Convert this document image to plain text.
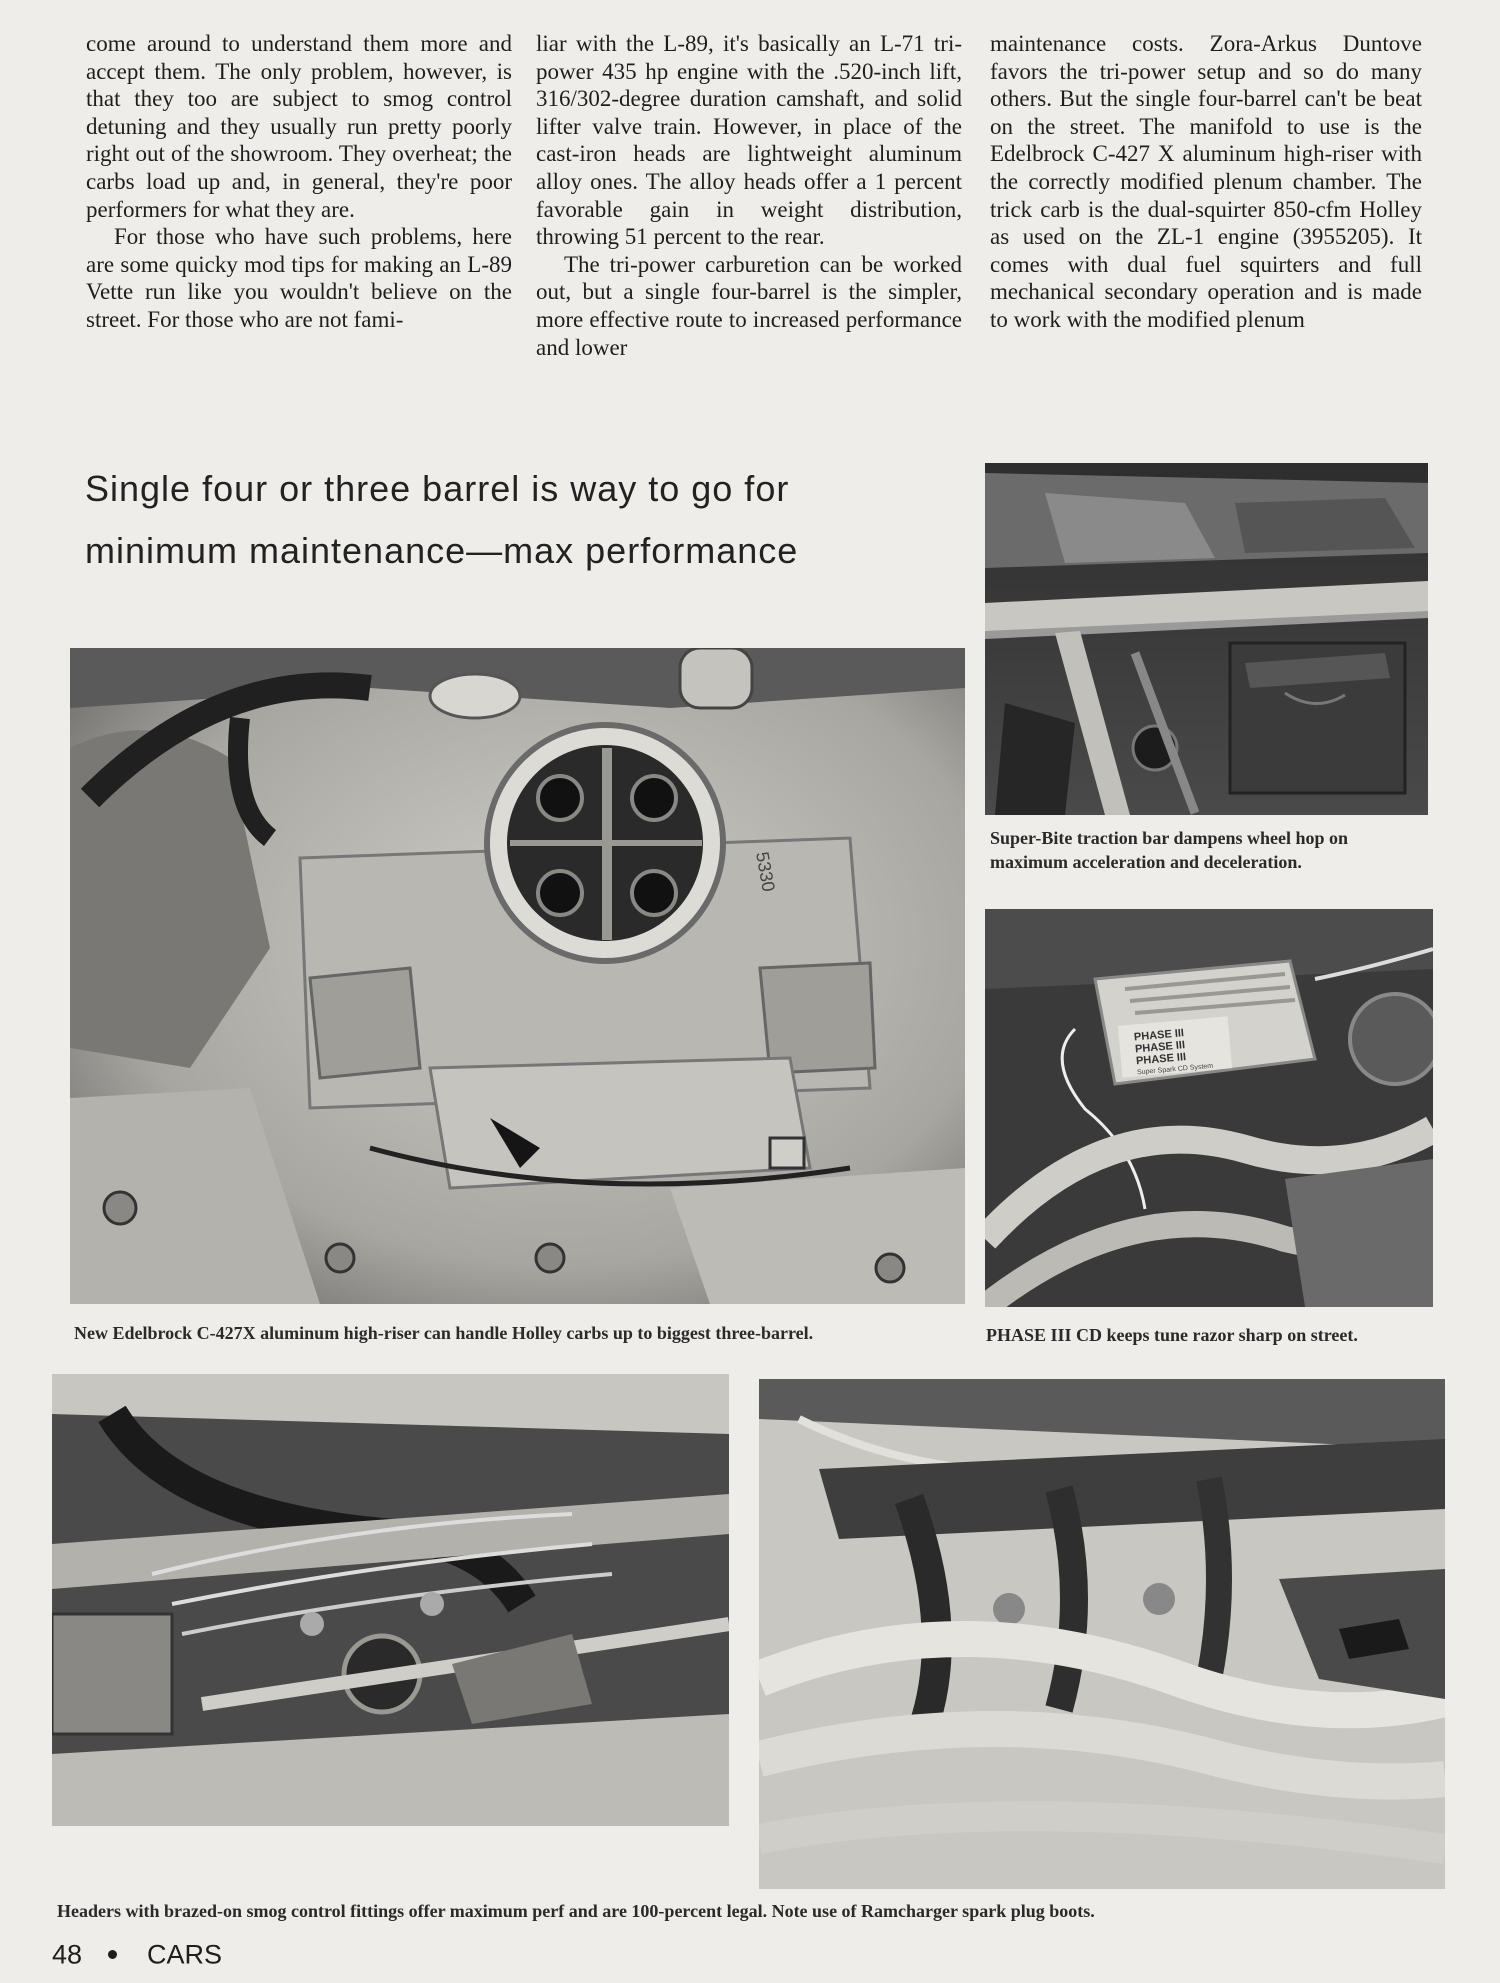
come around to understand them more and accept them. The only problem, however, is that they too are subject to smog control detuning and they usually run pretty poorly right out of the showroom. They overheat; the carbs load up and, in general, they're poor performers for what they are.

For those who have such problems, here are some quicky mod tips for making an L-89 Vette run like you wouldn't believe on the street. For those who are not fami-

liar with the L-89, it's basically an L-71 tri-power 435 hp engine with the .520-inch lift, 316/302-degree duration camshaft, and solid lifter valve train. However, in place of the cast-iron heads are lightweight aluminum alloy ones. The alloy heads offer a 1 percent favorable gain in weight distribution, throwing 51 percent to the rear.

The tri-power carburetion can be worked out, but a single four-barrel is the simpler, more effective route to increased performance and lower

maintenance costs. Zora-Arkus Duntove favors the tri-power setup and so do many others. But the single four-barrel can't be beat on the street. The manifold to use is the Edelbrock C-427 X aluminum high-riser with the correctly modified plenum chamber. The trick carb is the dual-squirter 850-cfm Holley as used on the ZL-1 engine (3955205). It comes with dual fuel squirters and full mechanical secondary operation and is made to work with the modified plenum

Single four or three barrel is way to go for
minimum maintenance—max performance
Super-Bite traction bar dampens wheel hop on maximum acceleration and deceleration.
5330
New Edelbrock C-427X aluminum high-riser can handle Holley carbs up to biggest three-barrel.
PHASE III
PHASE III
PHASE III
Super Spark CD System
PHASE III CD keeps tune razor sharp on street.
Headers with brazed-on smog control fittings offer maximum perf and are 100-percent legal. Note use of Ramcharger spark plug boots.
48 CARS
